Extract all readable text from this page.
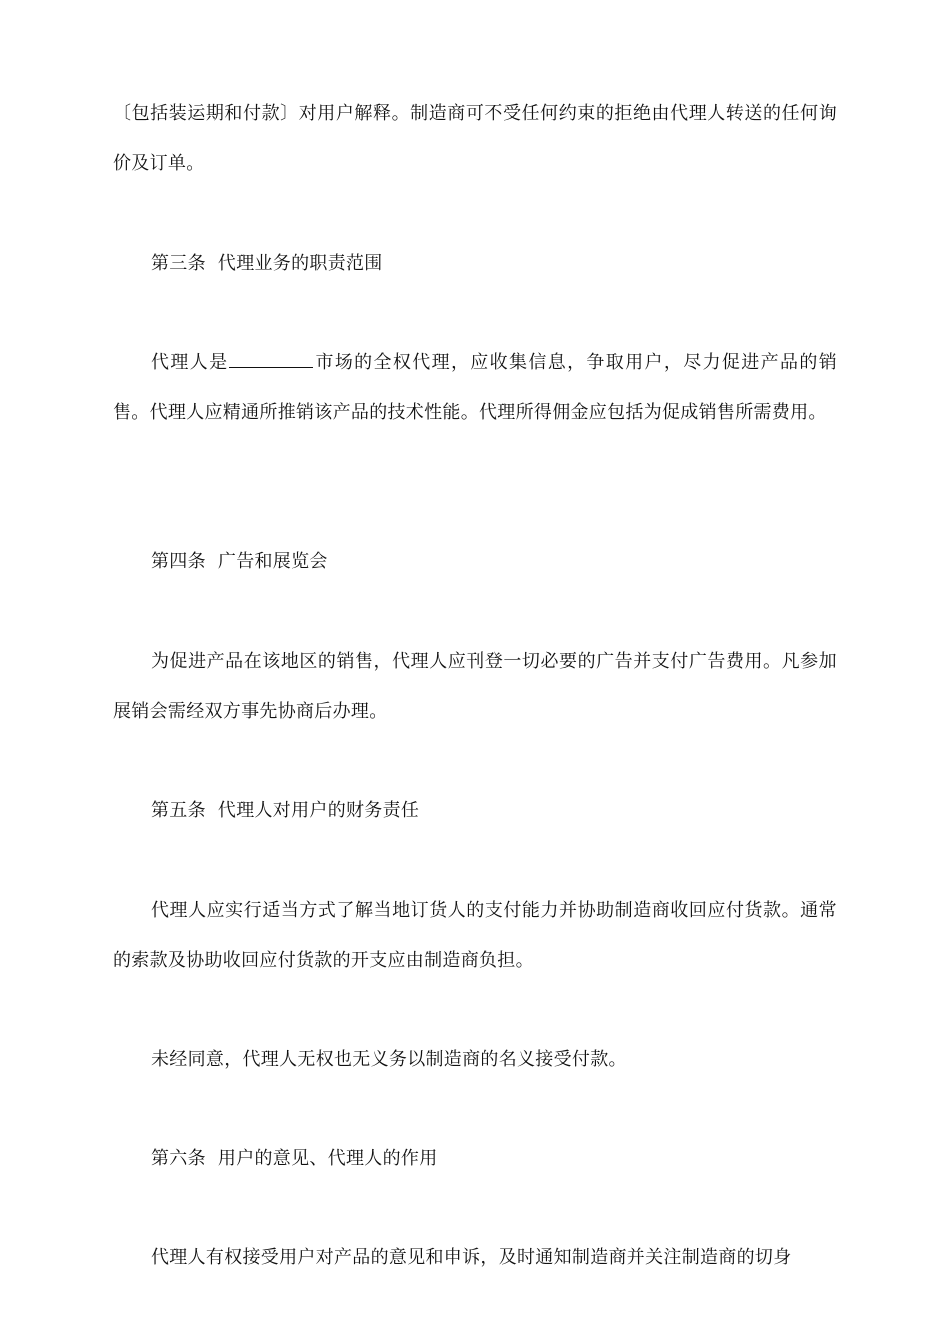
〔包括装运期和付款〕对用户解释。制造商可不受任何约束的拒绝由代理人转送的任何询价及订单。

第三条 代理业务的职责范围

代理人是	市场的全权代理，应收集信息，争取用户，尽力促进产品的销售。代理人应精通所推销该产品的技术性能。代理所得佣金应包括为促成销售所需费用。

第四条 广告和展览会

为促进产品在该地区的销售，代理人应刊登一切必要的广告并支付广告费用。凡参加展销会需经双方事先协商后办理。

第五条 代理人对用户的财务责任

代理人应实行适当方式了解当地订货人的支付能力并协助制造商收回应付货款。通常的索款及协助收回应付货款的开支应由制造商负担。

未经同意，代理人无权也无义务以制造商的名义接受付款。

第六条 用户的意见、代理人的作用

代理人有权接受用户对产品的意见和申诉，及时通知制造商并关注制造商的切身
